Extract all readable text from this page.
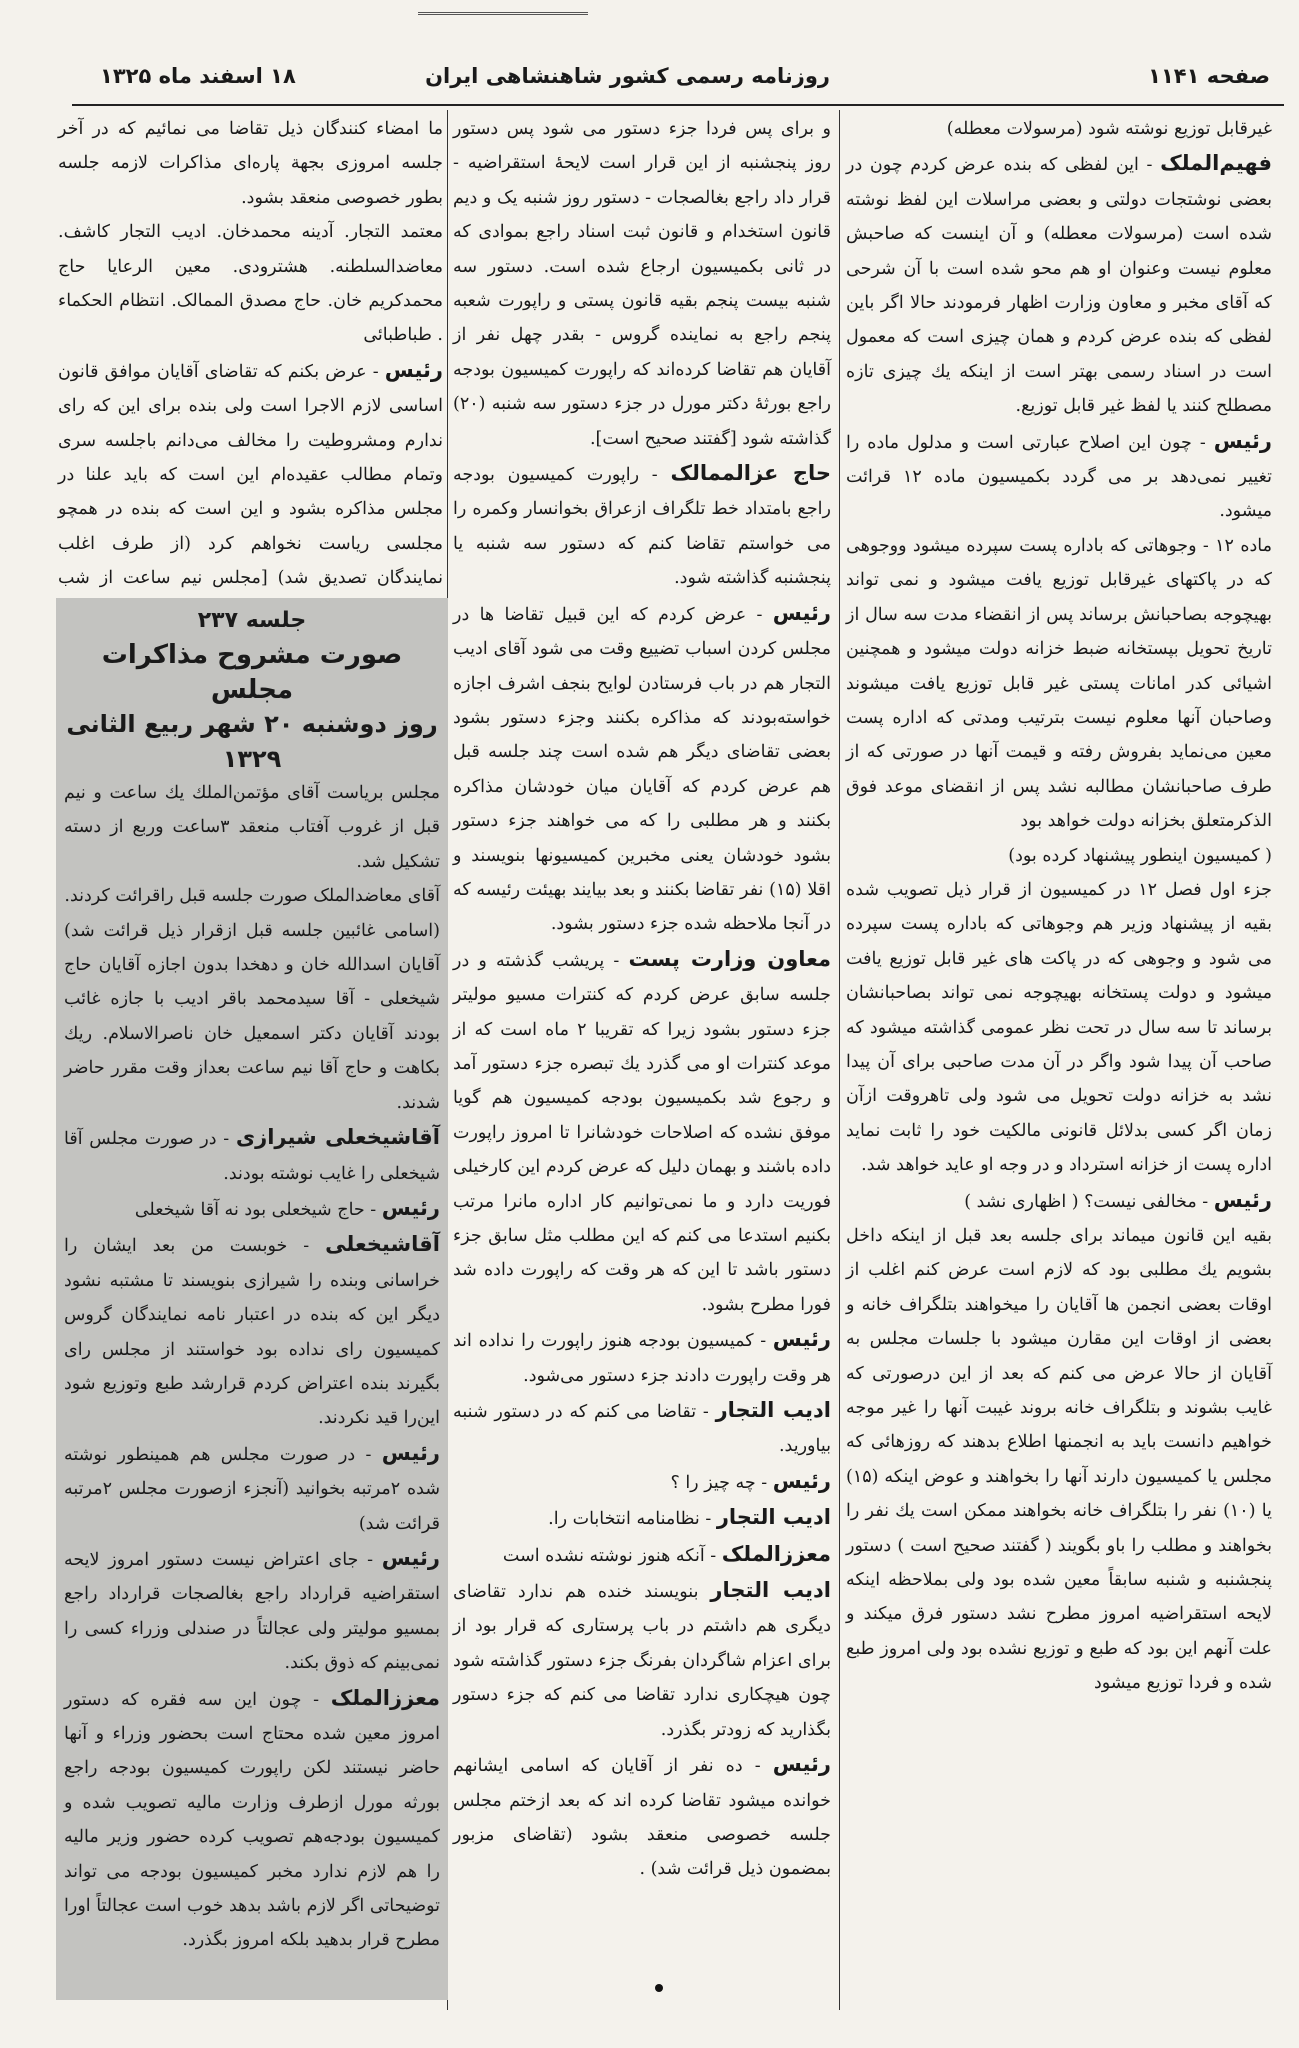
صفحه ۱۱۴۱
روزنامه رسمی کشور شاهنشاهی ایران
۱۸ اسفند ماه ۱۳۲۵

غیرقابل توزیع نوشته شود (مرسولات معطله)

فهیم‌الملک - این لفظی که بنده عرض کردم چون در بعضی نوشتجات دولتی و بعضی مراسلات این لفظ نوشته شده است (مرسولات معطله) و آن اینست که صاحبش معلوم نیست وعنوان او هم محو شده است با آن شرحی که آقای مخبر و معاون وزارت اظهار فرمودند حالا اگر باین لفظی که بنده عرض کردم و همان چیزی است که معمول است در اسناد رسمی بهتر است از اینکه یك چیزی تازه مصطلح کنند یا لفظ غیر قابل توزیع.

رئیس - چون این اصلاح عبارتی است و مدلول ماده را تغییر نمی‌دهد بر می گردد بکمیسیون ماده ۱۲ قرائت میشود.

ماده ۱۲ - وجوهاتی که باداره پست سپرده میشود ووجوهی که در پاکتهای غیرقابل توزیع یافت میشود و نمی تواند بهیچوجه بصاحبانش برساند پس از انقضاء مدت سه سال از تاریخ تحویل بپستخانه ضبط خزانه دولت میشود و همچنین اشیائی کدر امانات پستی غیر قابل توزیع یافت میشوند وصاحبان آنها معلوم نیست بترتیب ومدتی که اداره پست معین می‌نماید بفروش رفته و قیمت آنها در صورتی که از طرف صاحبانشان مطالبه نشد پس از انقضای موعد فوق الذکرمتعلق بخزانه دولت خواهد بود

( کمیسیون اینطور پیشنهاد کرده بود)

جزء اول فصل ۱۲ در کمیسیون از قرار ذیل تصویب شده بقیه از پیشنهاد وزیر هم وجوهاتی که باداره پست سپرده می شود و وجوهی که در پاکت های غیر قابل توزیع یافت میشود و دولت پستخانه بهیچوجه نمی تواند بصاحبانشان برساند تا سه سال در تحت نظر عمومی گذاشته میشود که صاحب آن پیدا شود واگر در آن مدت صاحبی برای آن پیدا نشد به خزانه دولت تحویل می شود ولی تاهروقت ازآن زمان اگر کسی بدلائل قانونی مالکیت خود را ثابت نماید اداره پست از خزانه استرداد و در وجه او عاید خواهد شد.

رئیس - مخالفی نیست؟ ( اظهاری نشد )

بقیه این قانون میماند برای جلسه بعد قبل از اینکه داخل بشویم یك مطلبی بود که لازم است عرض کنم اغلب از اوقات بعضی انجمن ها آقایان را میخواهند بتلگراف خانه و بعضی از اوقات این مقارن میشود با جلسات مجلس به آقایان از حالا عرض می کنم که بعد از این درصورتی که غایب بشوند و بتلگراف خانه بروند غیبت آنها را غیر موجه خواهیم دانست باید به انجمنها اطلاع بدهند که روزهائی که مجلس یا کمیسیون دارند آنها را بخواهند و عوض اینکه (۱۵) یا (۱۰) نفر را بتلگراف خانه بخواهند ممکن است یك نفر را بخواهند و مطلب را باو بگویند ( گفتند صحیح است ) دستور پنجشنبه و شنبه سابقاً معین شده بود ولی بملاحظه اینکه لایحه استقراضیه امروز مطرح نشد دستور فرق میکند و علت آنهم این بود که طبع و توزیع نشده بود ولی امروز طبع شده و فردا توزیع میشود

و برای پس فردا جزء دستور می شود پس دستور روز پنجشنبه از این قرار است لایحهٔ استقراضیه - قرار داد راجع بغالصجات - دستور روز شنبه یک و دیم قانون استخدام و قانون ثبت اسناد راجع بموادی که در ثانی بکمیسیون ارجاع شده است. دستور سه شنبه بیست پنجم بقیه قانون پستی و راپورت شعبه پنجم راجع به نماینده گروس - بقدر چهل نفر از آقایان هم تقاضا کرده‌اند که راپورت کمیسیون بودجه راجع بورثهٔ دکتر مورل در جزء دستور سه شنبه (۲۰) گذاشته شود [گفتند صحیح است].

حاج عزالممالک - راپورت کمیسیون بودجه راجع بامتداد خط تلگراف ازعراق بخوانسار وکمره را می خواستم تقاضا کنم که دستور سه شنبه یا پنجشنبه گذاشته شود.

رئیس - عرض کردم که این قبیل تقاضا ها در مجلس کردن اسباب تضییع وقت می شود آقای ادیب التجار هم در باب فرستادن لوایح بنجف اشرف اجازه خواسته‌بودند که مذاکره بکنند وجزء دستور بشود بعضی تقاضای دیگر هم شده است چند جلسه قبل هم عرض کردم که آقایان میان خودشان مذاکره بکنند و هر مطلبی را که می خواهند جزء دستور بشود خودشان یعنی مخبرین کمیسیونها بنویسند و اقلا (۱۵) نفر تقاضا بکنند و بعد بیایند بهیئت رئیسه که در آنجا ملاحظه شده جزء دستور بشود.

معاون وزارت پست - پریشب گذشته و در جلسه سابق عرض کردم که کنترات مسیو مولیتر جزء دستور بشود زیرا که تقریبا ۲ ماه است که از موعد کنترات او می گذرد یك تبصره جزء دستور آمد و رجوع شد بکمیسیون بودجه کمیسیون هم گویا موفق نشده که اصلاحات خودشانرا تا امروز راپورت داده باشند و بهمان دلیل که عرض کردم این کارخیلی فوریت دارد و ما نمی‌توانیم کار اداره مانرا مرتب بکنیم استدعا می کنم که این مطلب مثل سابق جزء دستور باشد تا این که هر وقت که راپورت داده شد فورا مطرح بشود.

رئیس - کمیسیون بودجه هنوز راپورت را نداده اند هر وقت راپورت دادند جزء دستور می‌شود.

ادیب التجار - تقاضا می کنم که در دستور شنبه بیاورید.

رئیس - چه چیز را ؟

ادیب التجار - نظامنامه انتخابات را.

معززالملک - آنکه هنوز نوشته نشده است

ادیب التجار بنویسند خنده هم ندارد تقاضای دیگری هم داشتم در باب پرستاری که قرار بود از برای اعزام شاگردان بفرنگ جزء دستور گذاشته شود چون هیچکاری ندارد تقاضا می کنم که جزء دستور بگذارید که زودتر بگذرد.

رئیس - ده نفر از آقایان که اسامی ایشانهم خوانده میشود تقاضا کرده اند که بعد ازختم مجلس جلسه خصوصی منعقد بشود (تقاضای مزبور بمضمون ذیل قرائت شد) .

ما امضاء کنندگان ذیل تقاضا می نمائیم که در آخر جلسه امروزی بجهة پاره‌ای مذاکرات لازمه جلسه بطور خصوصی منعقد بشود.

معتمد التجار. آدینه محمدخان. ادیب التجار کاشف. معاضدالسلطنه. هشترودی. معین الرعایا حاج محمدکریم خان. حاج مصدق الممالک. انتظام الحکماء . طباطبائی

رئیس - عرض بکنم که تقاضای آقایان موافق قانون اساسی لازم الاجرا است ولی بنده برای این که رای ندارم ومشروطیت را مخالف می‌دانم باجلسه سری وتمام مطالب عقیده‌ام این است که باید علنا در مجلس مذاکره بشود و این است که بنده در همچو مجلسی ریاست نخواهم کرد (از طرف اغلب نمایندگان تصدیق شد) [مجلس نیم ساعت از شب

جلسه ۲۳۷
صورت مشروح مذاکرات مجلس
روز دوشنبه ۲۰ شهر ربیع الثانی ۱۳۲۹

مجلس بریاست آقای مؤتمن‌الملك یك ساعت و نیم قبل از غروب آفتاب منعقد ۳ساعت وربع‌ از‌ دسته تشکیل شد.

آقای معاضدالملک صورت جلسه قبل راقرائت کردند.

(اسامی غائبین جلسه قبل ازقرار ذیل قرائت شد) آقایان اسدالله خان و دهخدا بدون اجازه آقایان حاج شیخعلی - آقا سیدمحمد باقر ادیب با جازه غائب بودند آقایان دکتر اسمعیل خان ناصرالاسلام. ریك بکاهت و حاج آقا نیم ساعت بعداز وقت مقرر حاضر شدند.

آقاشیخعلی شیرازی - در صورت مجلس آقا شیخعلی را غایب نوشته بودند.

رئیس - حاج شیخعلی بود نه آقا شیخعلی

آقاشیخعلی - خوبست من بعد ایشان را خراسانی وبنده را شیرازی بنویسند تا مشتبه نشود دیگر این که بنده در اعتبار نامه نمایندگان گروس کمیسیون رای نداده بود خواستند از مجلس رای بگیرند بنده اعتراض کردم قرارشد طبع وتوزیع شود این‌را قید نکردند.

رئیس - در صورت مجلس هم همینطور نوشته شده ۲مرتبه بخوانید (آنجزء ازصورت مجلس ۲مرتبه قرائت شد)

رئیس - جای اعتراض نیست دستور امروز لایحه استقراضیه قرارداد راجع بغالصجات قرارداد راجع بمسیو مولیتر ولی عجالتاً در صندلی وزراء کسی را نمی‌بینم که ذوق بکند.

معززالملک - چون این سه فقره که دستور امروز معین شده محتاج است بحضور وزراء و آنها حاضر نیستند لکن راپورت کمیسیون بودجه راجع بورثه مورل ازطرف وزارت مالیه تصویب شده و کمیسیون بودجه‌هم تصویب کرده حضور وزیر مالیه را هم لازم ندارد مخبر کمیسیون بودجه می تواند توضیحاتی اگر لازم باشد بدهد خوب است عجالتاً اورا مطرح قرار بدهید بلکه امروز بگذرد.
